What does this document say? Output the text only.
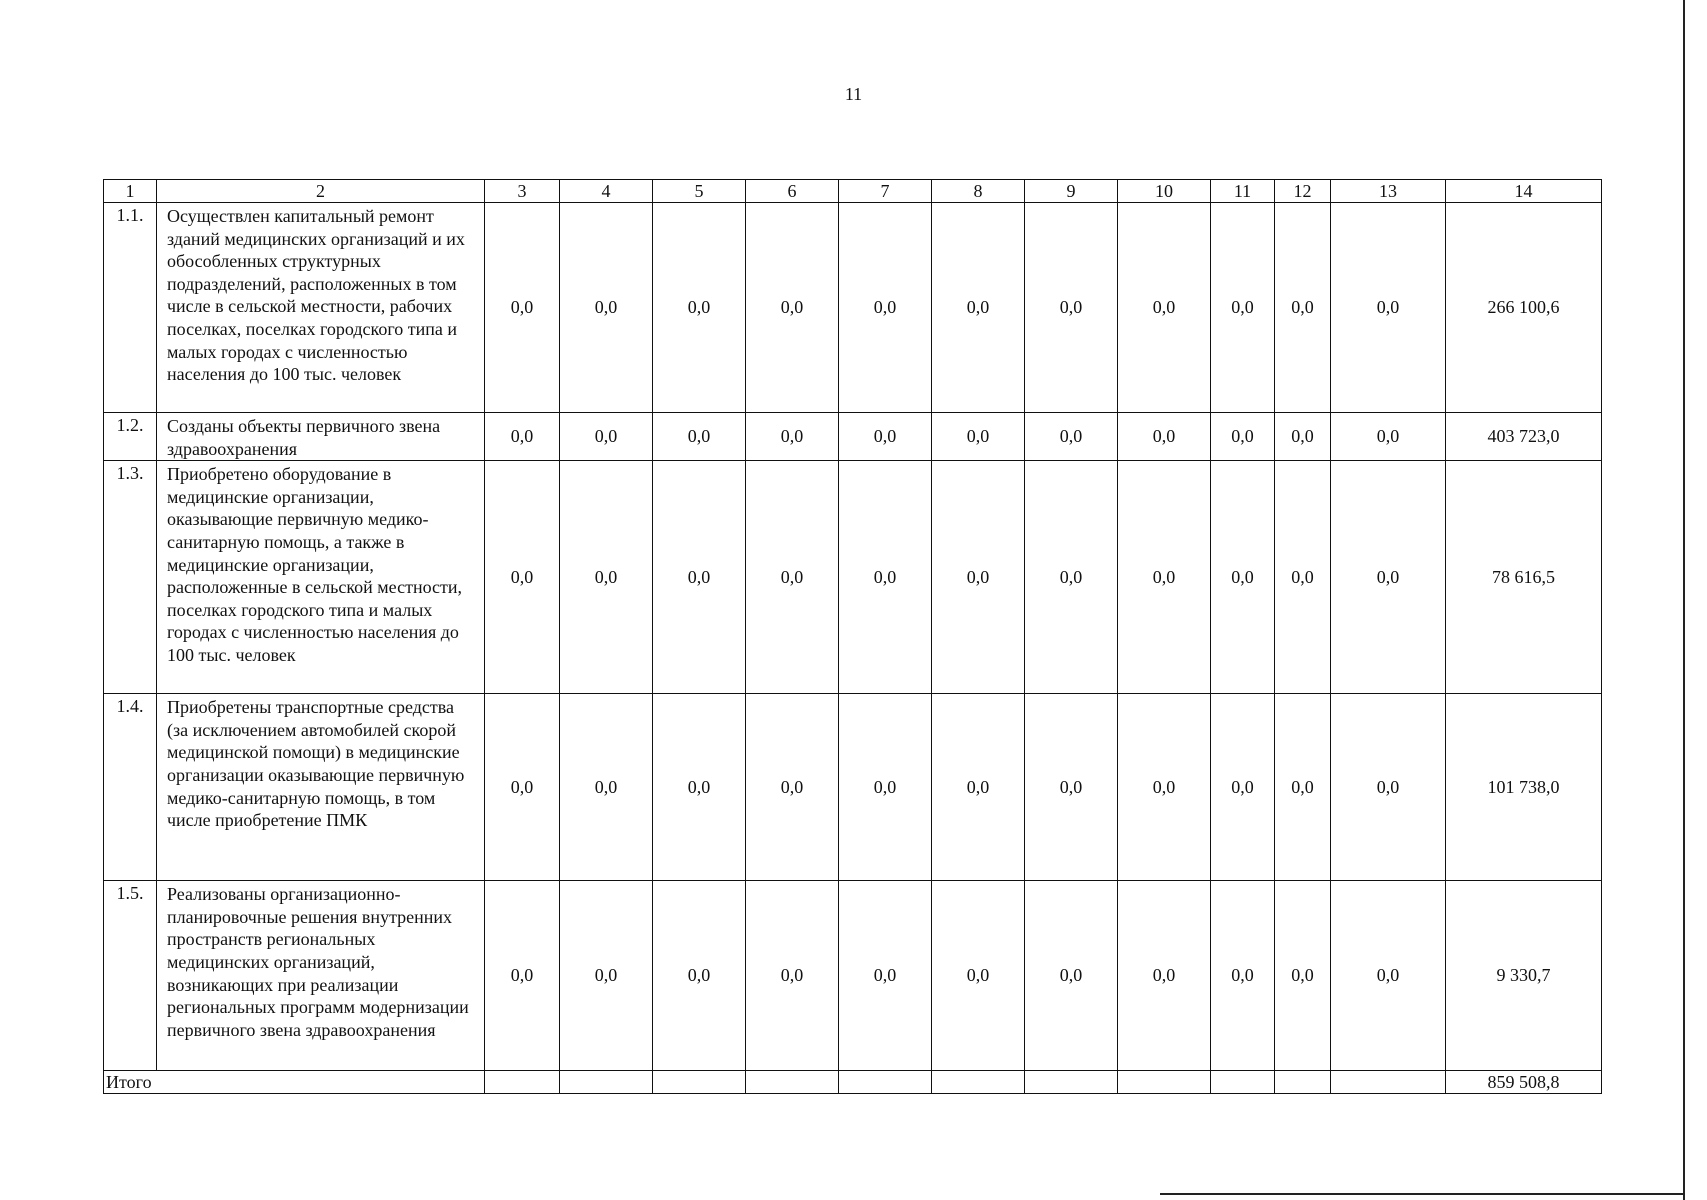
11
1	2	3	4	5	6	7	8	9	10	11	12	13	14
1.1.	Осуществлен капитальный ремонт зданий медицинских организаций и их обособленных структурных подразделений, расположенных в том числе в сельской местности, рабочих поселках, поселках городского типа и малых городах с численностью населения до 100 тыс. человек	0,0	0,0	0,0	0,0	0,0	0,0	0,0	0,0	0,0	0,0	0,0	266 100,6
1.2.	Созданы объекты первичного звена здравоохранения	0,0	0,0	0,0	0,0	0,0	0,0	0,0	0,0	0,0	0,0	0,0	403 723,0
1.3.	Приобретено оборудование в медицинские организации, оказывающие первичную медико-санитарную помощь, а также в медицинские организации, расположенные в сельской местности, поселках городского типа и малых городах с численностью населения до 100 тыс. человек	0,0	0,0	0,0	0,0	0,0	0,0	0,0	0,0	0,0	0,0	0,0	78 616,5
1.4.	Приобретены транспортные средства (за исключением автомобилей скорой медицинской помощи) в медицинские организации оказывающие первичную медико-санитарную помощь, в том числе приобретение ПМК	0,0	0,0	0,0	0,0	0,0	0,0	0,0	0,0	0,0	0,0	0,0	101 738,0
1.5.	Реализованы организационно-планировочные решения внутренних пространств региональных медицинских организаций, возникающих при реализации региональных программ модернизации первичного звена здравоохранения	0,0	0,0	0,0	0,0	0,0	0,0	0,0	0,0	0,0	0,0	0,0	9 330,7
Итого													859 508,8
